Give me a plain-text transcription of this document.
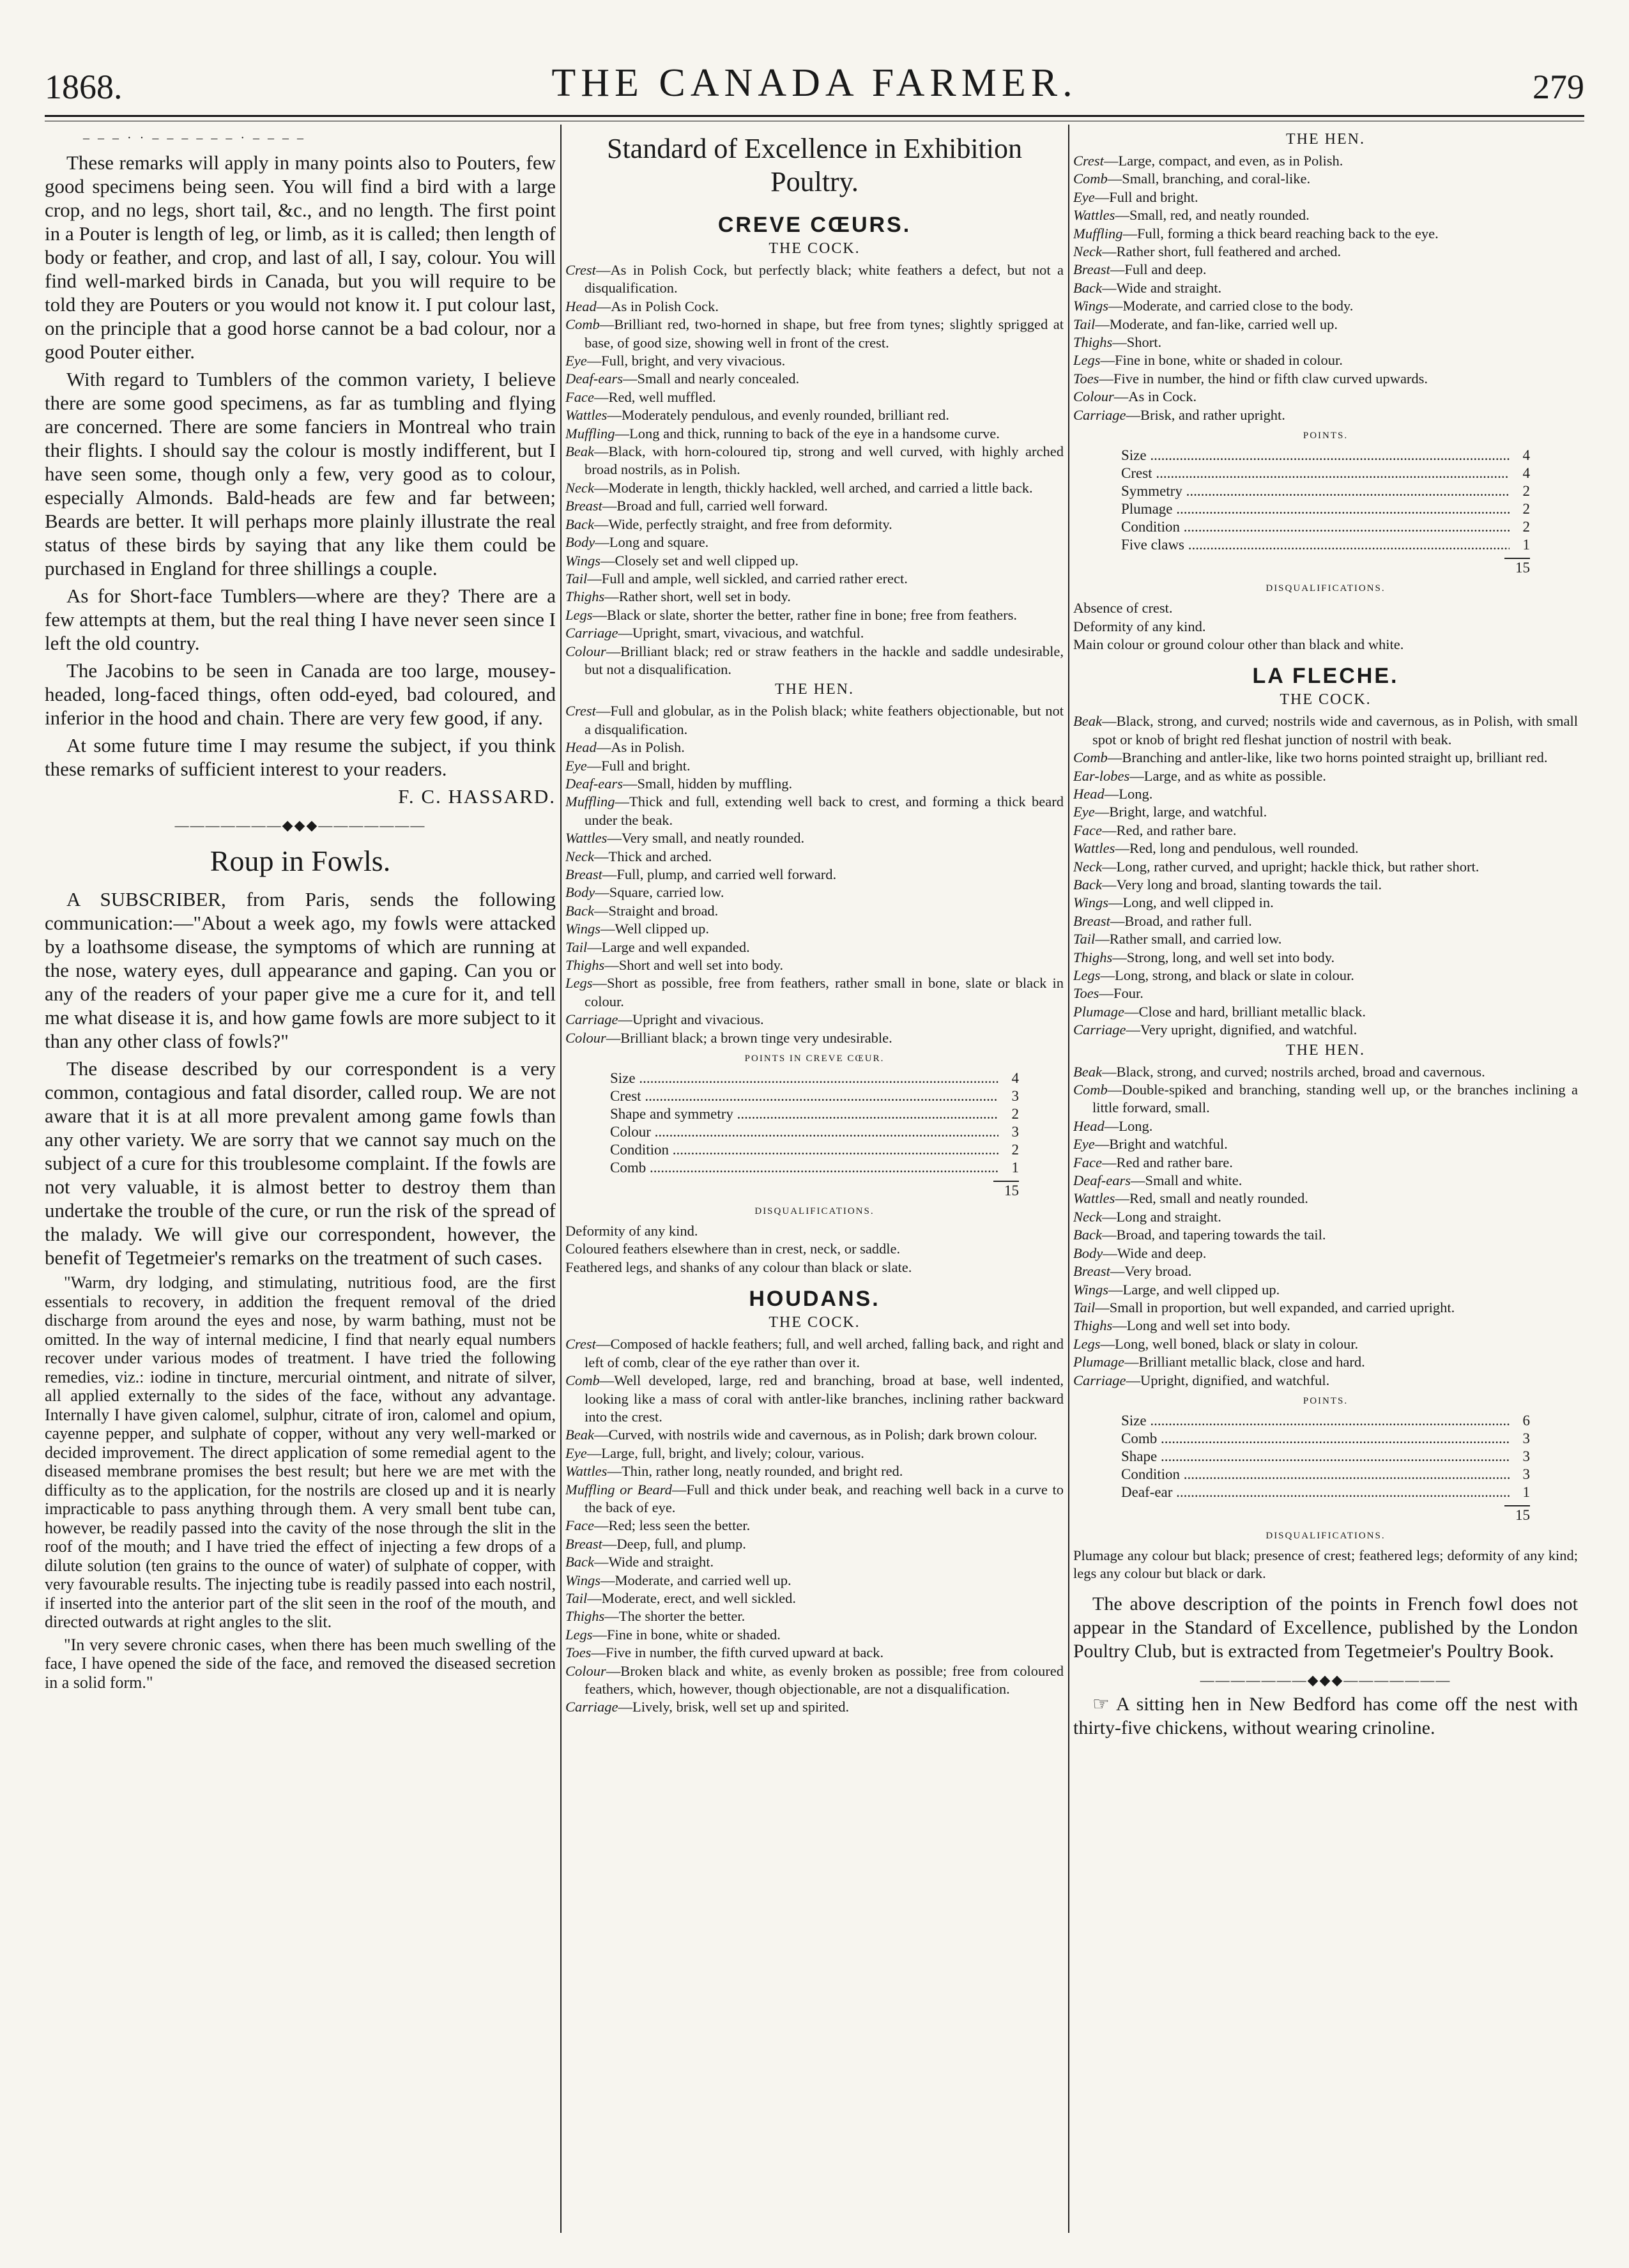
1868.	THE CANADA FARMER.	279
– – – · · – – – – – – · – – – –

These remarks will apply in many points also to Pouters, few good specimens being seen. You will find a bird with a large crop, and no legs, short tail, &c., and no length. The first point in a Pouter is length of leg, or limb, as it is called; then length of body or feather, and crop, and last of all, I say, colour. You will find well-marked birds in Canada, but you will require to be told they are Pouters or you would not know it. I put colour last, on the principle that a good horse cannot be a bad colour, nor a good Pouter either.

With regard to Tumblers of the common variety, I believe there are some good specimens, as far as tumbling and flying are concerned. There are some fanciers in Montreal who train their flights. I should say the colour is mostly indifferent, but I have seen some, though only a few, very good as to colour, especially Almonds. Bald-heads are few and far between; Beards are better. It will perhaps more plainly illustrate the real status of these birds by saying that any like them could be purchased in England for three shillings a couple.

As for Short-face Tumblers—where are they? There are a few attempts at them, but the real thing I have never seen since I left the old country.

The Jacobins to be seen in Canada are too large, mousey-headed, long-faced things, often odd-eyed, bad coloured, and inferior in the hood and chain. There are very few good, if any.

At some future time I may resume the subject, if you think these remarks of sufficient interest to your readers.

F. C. HASSARD.
———————◆◆◆———————
Roup in Fowls.

A SUBSCRIBER, from Paris, sends the following communication:—"About a week ago, my fowls were attacked by a loathsome disease, the symptoms of which are running at the nose, watery eyes, dull appearance and gaping. Can you or any of the readers of your paper give me a cure for it, and tell me what disease it is, and how game fowls are more subject to it than any other class of fowls?"

The disease described by our correspondent is a very common, contagious and fatal disorder, called roup. We are not aware that it is at all more prevalent among game fowls than any other variety. We are sorry that we cannot say much on the subject of a cure for this troublesome complaint. If the fowls are not very valuable, it is almost better to destroy them than undertake the trouble of the cure, or run the risk of the spread of the malady. We will give our correspondent, however, the benefit of Tegetmeier's remarks on the treatment of such cases.

"Warm, dry lodging, and stimulating, nutritious food, are the first essentials to recovery, in addition the frequent removal of the dried discharge from around the eyes and nose, by warm bathing, must not be omitted. In the way of internal medicine, I find that nearly equal numbers recover under various modes of treatment. I have tried the following remedies, viz.: iodine in tincture, mercurial ointment, and nitrate of silver, all applied externally to the sides of the face, without any advantage. Internally I have given calomel, sulphur, citrate of iron, calomel and opium, cayenne pepper, and sulphate of copper, without any very well-marked or decided improvement. The direct application of some remedial agent to the diseased membrane promises the best result; but here we are met with the difficulty as to the application, for the nostrils are closed up and it is nearly impracticable to pass anything through them. A very small bent tube can, however, be readily passed into the cavity of the nose through the slit in the roof of the mouth; and I have tried the effect of injecting a few drops of a dilute solution (ten grains to the ounce of water) of sulphate of copper, with very favourable results. The injecting tube is readily passed into each nostril, if inserted into the anterior part of the slit seen in the roof of the mouth, and directed outwards at right angles to the slit.

"In very severe chronic cases, when there has been much swelling of the face, I have opened the side of the face, and removed the diseased secretion in a solid form."

Standard of Excellence in Exhibition Poultry.
CREVE CŒURS.
THE COCK.

Crest—As in Polish Cock, but perfectly black; white feathers a defect, but not a disqualification.

Head—As in Polish Cock.

Comb—Brilliant red, two-horned in shape, but free from tynes; slightly sprigged at base, of good size, showing well in front of the crest.

Eye—Full, bright, and very vivacious.

Deaf-ears—Small and nearly concealed.

Face—Red, well muffled.

Wattles—Moderately pendulous, and evenly rounded, brilliant red.

Muffling—Long and thick, running to back of the eye in a handsome curve.

Beak—Black, with horn-coloured tip, strong and well curved, with highly arched broad nostrils, as in Polish.

Neck—Moderate in length, thickly hackled, well arched, and carried a little back.

Breast—Broad and full, carried well forward.

Back—Wide, perfectly straight, and free from deformity.

Body—Long and square.

Wings—Closely set and well clipped up.

Tail—Full and ample, well sickled, and carried rather erect.

Thighs—Rather short, well set in body.

Legs—Black or slate, shorter the better, rather fine in bone; free from feathers.

Carriage—Upright, smart, vivacious, and watchful.

Colour—Brilliant black; red or straw feathers in the hackle and saddle undesirable, but not a disqualification.

THE HEN.

Crest—Full and globular, as in the Polish black; white feathers objectionable, but not a disqualification.

Head—As in Polish.

Eye—Full and bright.

Deaf-ears—Small, hidden by muffling.

Muffling—Thick and full, extending well back to crest, and forming a thick beard under the beak.

Wattles—Very small, and neatly rounded.

Neck—Thick and arched.

Breast—Full, plump, and carried well forward.

Body—Square, carried low.

Back—Straight and broad.

Wings—Well clipped up.

Tail—Large and well expanded.

Thighs—Short and well set into body.

Legs—Short as possible, free from feathers, rather small in bone, slate or black in colour.

Carriage—Upright and vivacious.

Colour—Brilliant black; a brown tinge very undesirable.

POINTS IN CREVE CŒUR.
Size .....	4
Crest .....	3
Shape and symmetry .....	2
Colour .....	3
Condition .....	2
Comb .....	1
15
DISQUALIFICATIONS.

Deformity of any kind.

Coloured feathers elsewhere than in crest, neck, or saddle.

Feathered legs, and shanks of any colour than black or slate.

HOUDANS.
THE COCK.

Crest—Composed of hackle feathers; full, and well arched, falling back, and right and left of comb, clear of the eye rather than over it.

Comb—Well developed, large, red and branching, broad at base, well indented, looking like a mass of coral with antler-like branches, inclining rather backward into the crest.

Beak—Curved, with nostrils wide and cavernous, as in Polish; dark brown colour.

Eye—Large, full, bright, and lively; colour, various.

Wattles—Thin, rather long, neatly rounded, and bright red.

Muffling or Beard—Full and thick under beak, and reaching well back in a curve to the back of eye.

Face—Red; less seen the better.

Breast—Deep, full, and plump.

Back—Wide and straight.

Wings—Moderate, and carried well up.

Tail—Moderate, erect, and well sickled.

Thighs—The shorter the better.

Legs—Fine in bone, white or shaded.

Toes—Five in number, the fifth curved upward at back.

Colour—Broken black and white, as evenly broken as possible; free from coloured feathers, which, however, though objectionable, are not a disqualification.

Carriage—Lively, brisk, well set up and spirited.

THE HEN.

Crest—Large, compact, and even, as in Polish.

Comb—Small, branching, and coral-like.

Eye—Full and bright.

Wattles—Small, red, and neatly rounded.

Muffling—Full, forming a thick beard reaching back to the eye.

Neck—Rather short, full feathered and arched.

Breast—Full and deep.

Back—Wide and straight.

Wings—Moderate, and carried close to the body.

Tail—Moderate, and fan-like, carried well up.

Thighs—Short.

Legs—Fine in bone, white or shaded in colour.

Toes—Five in number, the hind or fifth claw curved upwards.

Colour—As in Cock.

Carriage—Brisk, and rather upright.

POINTS.
Size .....	4
Crest .....	4
Symmetry .....	2
Plumage .....	2
Condition .....	2
Five claws .....	1
15
DISQUALIFICATIONS.

Absence of crest.

Deformity of any kind.

Main colour or ground colour other than black and white.

LA FLECHE.
THE COCK.

Beak—Black, strong, and curved; nostrils wide and cavernous, as in Polish, with small spot or knob of bright red fleshat junction of nostril with beak.

Comb—Branching and antler-like, like two horns pointed straight up, brilliant red.

Ear-lobes—Large, and as white as possible.

Head—Long.

Eye—Bright, large, and watchful.

Face—Red, and rather bare.

Wattles—Red, long and pendulous, well rounded.

Neck—Long, rather curved, and upright; hackle thick, but rather short.

Back—Very long and broad, slanting towards the tail.

Wings—Long, and well clipped in.

Breast—Broad, and rather full.

Tail—Rather small, and carried low.

Thighs—Strong, long, and well set into body.

Legs—Long, strong, and black or slate in colour.

Toes—Four.

Plumage—Close and hard, brilliant metallic black.

Carriage—Very upright, dignified, and watchful.

THE HEN.

Beak—Black, strong, and curved; nostrils arched, broad and cavernous.

Comb—Double-spiked and branching, standing well up, or the branches inclining a little forward, small.

Head—Long.

Eye—Bright and watchful.

Face—Red and rather bare.

Deaf-ears—Small and white.

Wattles—Red, small and neatly rounded.

Neck—Long and straight.

Back—Broad, and tapering towards the tail.

Body—Wide and deep.

Breast—Very broad.

Wings—Large, and well clipped up.

Tail—Small in proportion, but well expanded, and carried upright.

Thighs—Long and well set into body.

Legs—Long, well boned, black or slaty in colour.

Plumage—Brilliant metallic black, close and hard.

Carriage—Upright, dignified, and watchful.

POINTS.
Size .....	6
Comb .....	3
Shape .....	3
Condition .....	3
Deaf-ear .....	1
15
DISQUALIFICATIONS.

Plumage any colour but black; presence of crest; feathered legs; deformity of any kind; legs any colour but black or dark.

The above description of the points in French fowl does not appear in the Standard of Excellence, published by the London Poultry Club, but is extracted from Tegetmeier's Poultry Book.

———————◆◆◆———————

☞ A sitting hen in New Bedford has come off the nest with thirty-five chickens, without wearing crinoline.
